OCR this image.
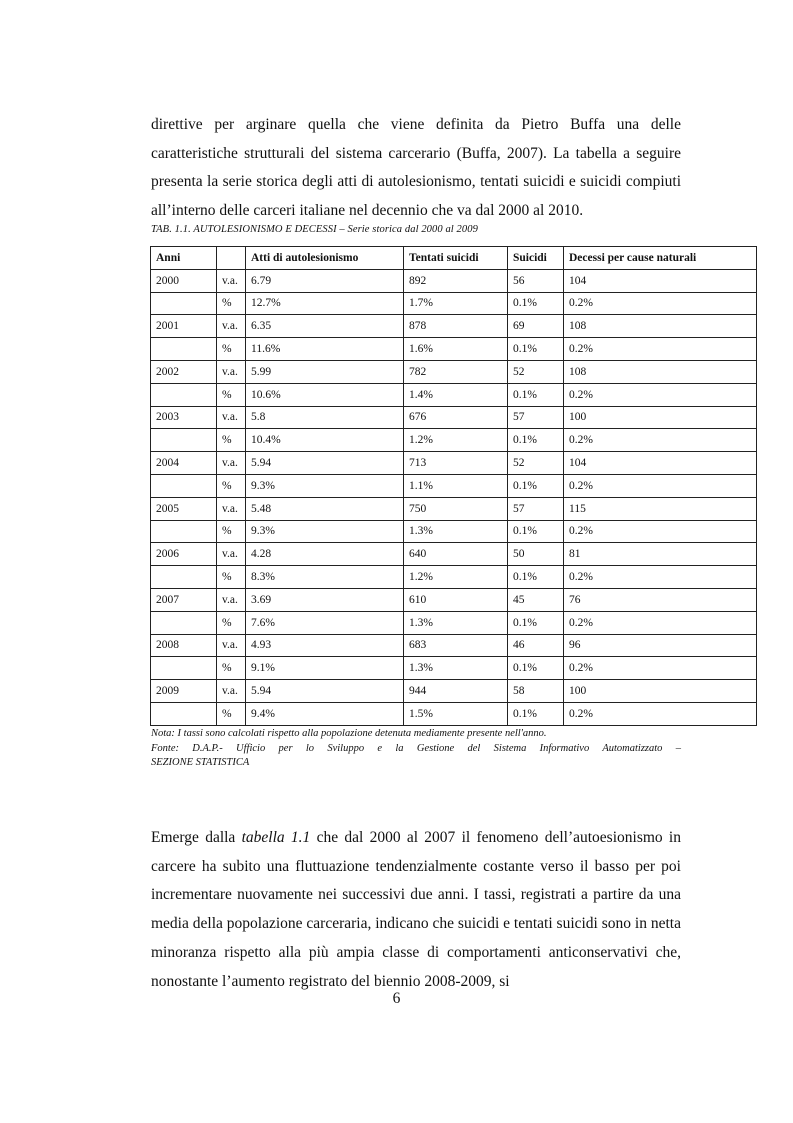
direttive per arginare quella che viene definita da Pietro Buffa una delle caratteristiche strutturali del sistema carcerario (Buffa, 2007). La tabella a seguire presenta la serie storica degli atti di autolesionismo, tentati suicidi e suicidi compiuti all’interno delle carceri italiane nel decennio che va dal 2000 al 2010.

TAB. 1.1. AUTOLESIONISMO E DECESSI – Serie storica dal 2000 al 2009
Anni		Atti di autolesionismo	Tentati suicidi	Suicidi	Decessi per cause naturali
2000	v.a.	6.79	892	56	104
	%	12.7%	1.7%	0.1%	0.2%
2001	v.a.	6.35	878	69	108
	%	11.6%	1.6%	0.1%	0.2%
2002	v.a.	5.99	782	52	108
	%	10.6%	1.4%	0.1%	0.2%
2003	v.a.	5.8	676	57	100
	%	10.4%	1.2%	0.1%	0.2%
2004	v.a.	5.94	713	52	104
	%	9.3%	1.1%	0.1%	0.2%
2005	v.a.	5.48	750	57	115
	%	9.3%	1.3%	0.1%	0.2%
2006	v.a.	4.28	640	50	81
	%	8.3%	1.2%	0.1%	0.2%
2007	v.a.	3.69	610	45	76
	%	7.6%	1.3%	0.1%	0.2%
2008	v.a.	4.93	683	46	96
	%	9.1%	1.3%	0.1%	0.2%
2009	v.a.	5.94	944	58	100
	%	9.4%	1.5%	0.1%	0.2%
Nota: I tassi sono calcolati rispetto alla popolazione detenuta mediamente presente nell'anno.
Fonte: D.A.P.- Ufficio per lo Sviluppo e la Gestione del Sistema Informativo Automatizzato –
SEZIONE STATISTICA

Emerge dalla tabella 1.1 che dal 2000 al 2007 il fenomeno dell’autoesionismo in carcere ha subito una fluttuazione tendenzialmente costante verso il basso per poi incrementare nuovamente nei successivi due anni. I tassi, registrati a partire da una media della popolazione carceraria, indicano che suicidi e tentati suicidi sono in netta minoranza rispetto alla più ampia classe di comportamenti anticonservativi che, nonostante l’aumento registrato del biennio 2008-2009, si

6
